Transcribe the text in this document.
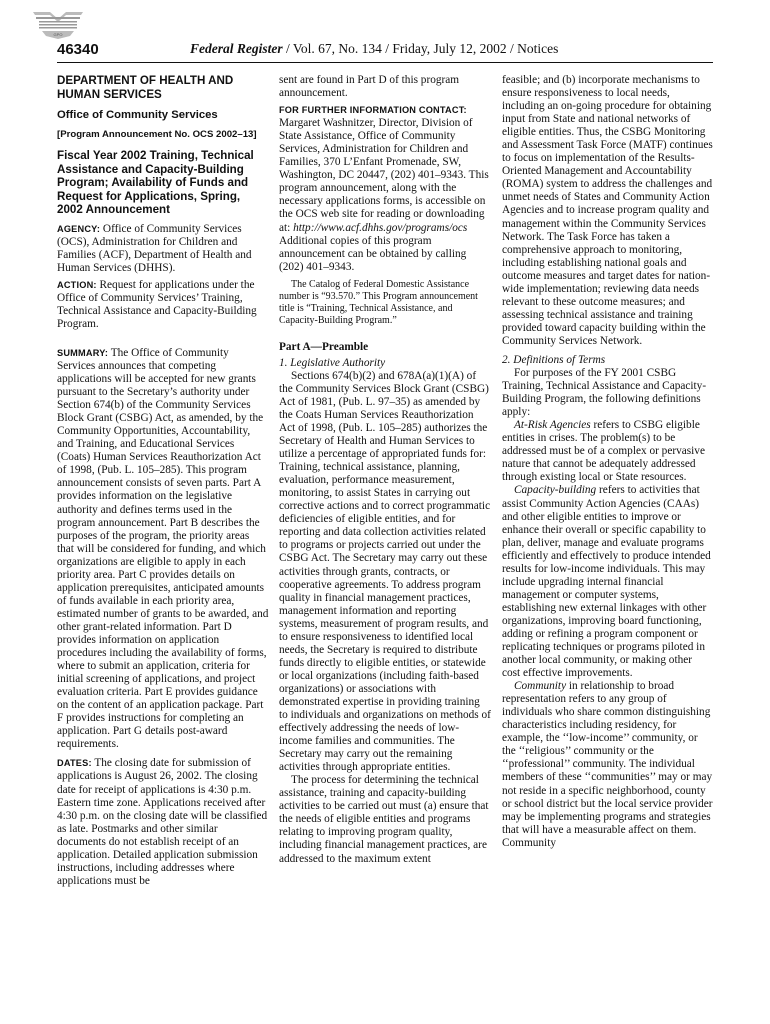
GPO
46340	Federal Register / Vol. 67, No. 134 / Friday, July 12, 2002 / Notices

DEPARTMENT OF HEALTH AND HUMAN SERVICES

Office of Community Services

[Program Announcement No. OCS 2002–13]

Fiscal Year 2002 Training, Technical Assistance and Capacity-Building Program; Availability of Funds and Request for Applications, Spring, 2002 Announcement

AGENCY: Office of Community Services (OCS), Administration for Children and Families (ACF), Department of Health and Human Services (DHHS).

ACTION: Request for applications under the Office of Community Services’ Training, Technical Assistance and Capacity-Building Program.

SUMMARY: The Office of Community Services announces that competing applications will be accepted for new grants pursuant to the Secretary’s authority under Section 674(b) of the Community Services Block Grant (CSBG) Act, as amended, by the Community Opportunities, Accountability, and Training, and Educational Services (Coats) Human Services Reauthorization Act of 1998, (Pub. L. 105–285). This program announcement consists of seven parts. Part A provides information on the legislative authority and defines terms used in the program announcement. Part B describes the purposes of the program, the priority areas that will be considered for funding, and which organizations are eligible to apply in each priority area. Part C provides details on application prerequisites, anticipated amounts of funds available in each priority area, estimated number of grants to be awarded, and other grant-related information. Part D provides information on application procedures including the availability of forms, where to submit an application, criteria for initial screening of applications, and project evaluation criteria. Part E provides guidance on the content of an application package. Part F provides instructions for completing an application. Part G details post-award requirements.

DATES: The closing date for submission of applications is August 26, 2002. The closing date for receipt of applications is 4:30 p.m. Eastern time zone. Applications received after 4:30 p.m. on the closing date will be classified as late. Postmarks and other similar documents do not establish receipt of an application. Detailed application submission instructions, including addresses where applications must be

sent are found in Part D of this program announcement.

FOR FURTHER INFORMATION CONTACT: Margaret Washnitzer, Director, Division of State Assistance, Office of Community Services, Administration for Children and Families, 370 L’Enfant Promenade, SW, Washington, DC 20447, (202) 401–9343. This program announcement, along with the necessary applications forms, is accessible on the OCS web site for reading or downloading at: http://www.acf.dhhs.gov/programs/ocs Additional copies of this program announcement can be obtained by calling (202) 401–9343.

The Catalog of Federal Domestic Assistance number is “93.570.” This Program announcement title is “Training, Technical Assistance, and Capacity-Building Program.”

Part A—Preamble

1. Legislative Authority

Sections 674(b)(2) and 678A(a)(1)(A) of the Community Services Block Grant (CSBG) Act of 1981, (Pub. L. 97–35) as amended by the Coats Human Services Reauthorization Act of 1998, (Pub. L. 105–285) authorizes the Secretary of Health and Human Services to utilize a percentage of appropriated funds for: Training, technical assistance, planning, evaluation, performance measurement, monitoring, to assist States in carrying out corrective actions and to correct programmatic deficiencies of eligible entities, and for reporting and data collection activities related to programs or projects carried out under the CSBG Act. The Secretary may carry out these activities through grants, contracts, or cooperative agreements. To address program quality in financial management practices, management information and reporting systems, measurement of program results, and to ensure responsiveness to identified local needs, the Secretary is required to distribute funds directly to eligible entities, or statewide or local organizations (including faith-based organizations) or associations with demonstrated expertise in providing training to individuals and organizations on methods of effectively addressing the needs of low-income families and communities. The Secretary may carry out the remaining activities through appropriate entities.

The process for determining the technical assistance, training and capacity-building activities to be carried out must (a) ensure that the needs of eligible entities and programs relating to improving program quality, including financial management practices, are addressed to the maximum extent

feasible; and (b) incorporate mechanisms to ensure responsiveness to local needs, including an on-going procedure for obtaining input from State and national networks of eligible entities. Thus, the CSBG Monitoring and Assessment Task Force (MATF) continues to focus on implementation of the Results-Oriented Management and Accountability (ROMA) system to address the challenges and unmet needs of States and Community Action Agencies and to increase program quality and management within the Community Services Network. The Task Force has taken a comprehensive approach to monitoring, including establishing national goals and outcome measures and target dates for nation-wide implementation; reviewing data needs relevant to these outcome measures; and assessing technical assistance and training provided toward capacity building within the Community Services Network.

2. Definitions of Terms

For purposes of the FY 2001 CSBG Training, Technical Assistance and Capacity-Building Program, the following definitions apply:

At-Risk Agencies refers to CSBG eligible entities in crises. The problem(s) to be addressed must be of a complex or pervasive nature that cannot be adequately addressed through existing local or State resources.

Capacity-building refers to activities that assist Community Action Agencies (CAAs) and other eligible entities to improve or enhance their overall or specific capability to plan, deliver, manage and evaluate programs efficiently and effectively to produce intended results for low-income individuals. This may include upgrading internal financial management or computer systems, establishing new external linkages with other organizations, improving board functioning, adding or refining a program component or replicating techniques or programs piloted in another local community, or making other cost effective improvements.

Community in relationship to broad representation refers to any group of individuals who share common distinguishing characteristics including residency, for example, the ‘‘low-income’’ community, or the ‘‘religious’’ community or the ‘‘professional’’ community. The individual members of these ‘‘communities’’ may or may not reside in a specific neighborhood, county or school district but the local service provider may be implementing programs and strategies that will have a measurable affect on them. Community
